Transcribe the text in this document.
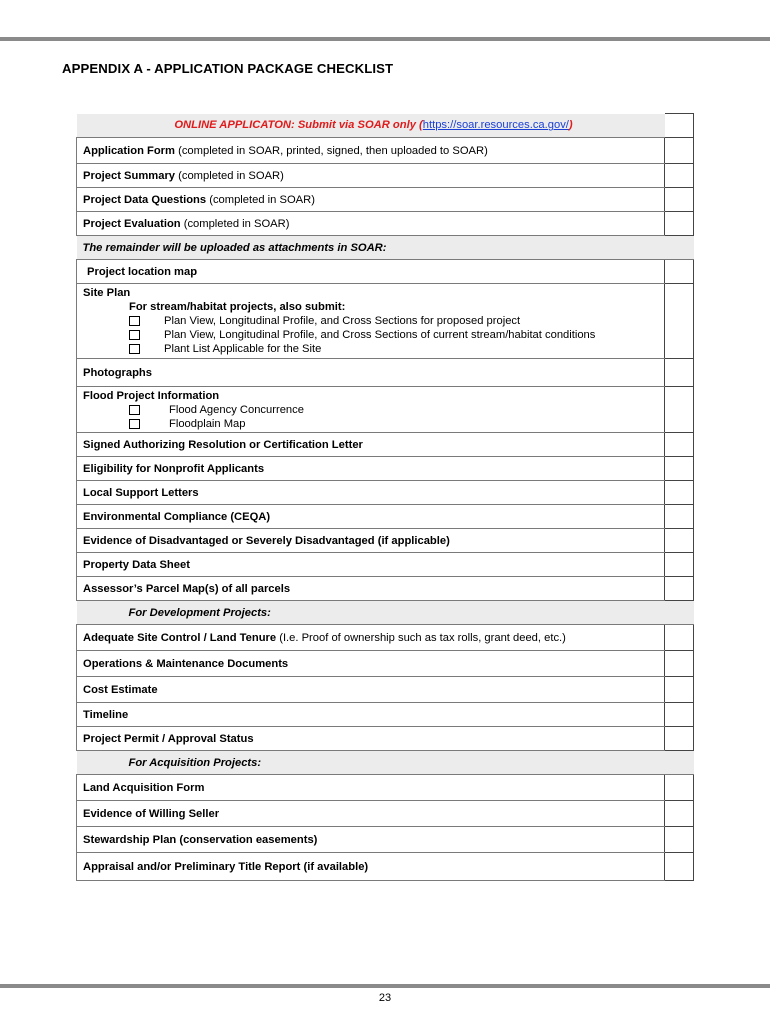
APPENDIX A - APPLICATION PACKAGE CHECKLIST
ONLINE APPLICATON: Submit via SOAR only (https://soar.resources.ca.gov/)	
Application Form (completed in SOAR, printed, signed, then uploaded to SOAR)	
Project Summary (completed in SOAR)	
Project Data Questions (completed in SOAR)	
Project Evaluation (completed in SOAR)	
The remainder will be uploaded as attachments in SOAR:	
Project location map	

Site Plan
For stream/habitat projects, also submit:
Plan View, Longitudinal Profile, and Cross Sections for proposed project
Plan View, Longitudinal Profile, and Cross Sections of current stream/habitat conditions
Plant List Applicable for the Site	

Photographs	

Flood Project Information
Flood Agency Concurrence
Floodplain Map	

Signed Authorizing Resolution or Certification Letter	
Eligibility for Nonprofit Applicants	
Local Support Letters	
Environmental Compliance (CEQA)	
Evidence of Disadvantaged or Severely Disadvantaged (if applicable)	
Property Data Sheet	
Assessor’s Parcel Map(s) of all parcels	
For Development Projects:	
Adequate Site Control / Land Tenure (I.e. Proof of ownership such as tax rolls, grant deed, etc.)	
Operations & Maintenance Documents	
Cost Estimate	
Timeline	
Project Permit / Approval Status	
For Acquisition Projects:	
Land Acquisition Form	
Evidence of Willing Seller	
Stewardship Plan (conservation easements)	
Appraisal and/or Preliminary Title Report (if available)	
23
